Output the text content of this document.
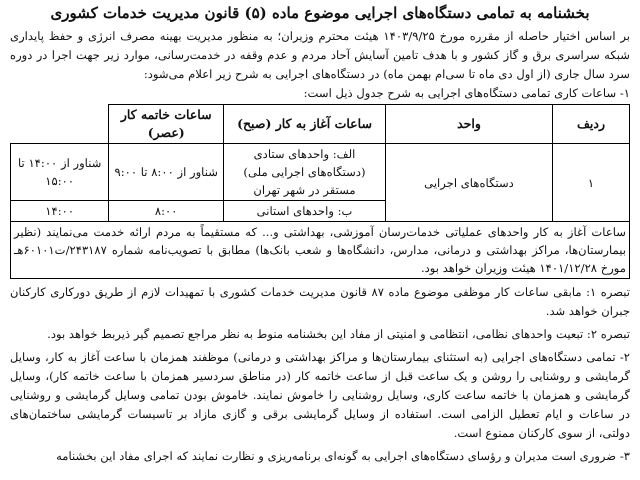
بخشنامه به تمامی دستگاه‌های اجرایی موضوع ماده (۵) قانون مدیریت خدمات کشوری

بر اساس اختیار حاصله از مقرره مورخ ۱۴۰۳/۹/۲۵ هیئت محترم وزیران؛ به منظور مدیریت بهینه مصرف انرژی و حفظ پایداری شبکه سراسری برق و گاز کشور و با هدف تامین آسایش آحاد مردم و عدم وقفه در خدمت‌رسانی، موارد زیر جهت اجرا در دوره سرد سال جاری (از اول دی ماه تا سی‌ام بهمن ماه) در دستگاه‌های اجرایی به شرح زیر اعلام می‌شود:

۱- ساعات کاری تمامی دستگاه‌های اجرایی به شرح جدول ذیل است:

ردیف	واحد	ساعات آغاز به کار (صبح)	ساعات خاتمه کار (عصر)	
۱	دستگاه‌های اجرایی	الف: واحدهای ستادی (دستگاه‌های اجرایی ملی) مستقر در شهر تهران	شناور از ۸:۰۰ تا ۹:۰۰	شناور از ۱۴:۰۰ تا ۱۵:۰۰
		ب: واحدهای استانی	۸:۰۰	۱۴:۰۰
ساعات آغاز به کار واحدهای عملیاتی خدمات‌رسان آموزشی، بهداشتی و... که مستقیماً به مردم ارائه خدمت می‌نمایند (نظیر بیمارستان‌ها، مراکز بهداشتی و درمانی، مدارس، دانشگاه‌ها و شعب بانک‌ها) مطابق با تصویب‌نامه شماره ۲۴۳۱۸۷/ت۶۰۱۰۱هـ مورخ ۱۴۰۱/۱۲/۲۸ هیئت وزیران خواهد بود.				

تبصره ۱: مابقی ساعات کار موظفی موضوع ماده ۸۷ قانون مدیریت خدمات کشوری با تمهیدات لازم از طریق دورکاری کارکنان جبران خواهد شد.

تبصره ۲: تبعیت واحدهای نظامی، انتظامی و امنیتی از مفاد این بخشنامه منوط به نظر مراجع تصمیم گیر ذیربط خواهد بود.

۲- تمامی دستگاه‌های اجرایی (به استثنای بیمارستان‌ها و مراکز بهداشتی و درمانی) موظفند همزمان با ساعت آغاز به کار، وسایل گرمایشی و روشنایی را روشن و یک ساعت قبل از ساعت خاتمه کار (در مناطق سردسیر همزمان با ساعت خاتمه کار)، وسایل گرمایشی و همزمان با خاتمه ساعت کاری، وسایل روشنایی را خاموش نمایند. خاموش بودن تمامی وسایل گرمایشی و روشنایی در ساعات و ایام تعطیل الزامی است. استفاده از وسایل گرمایشی برقی و گازی مازاد بر تاسیسات گرمایشی ساختمان‌های دولتی، از سوی کارکنان ممنوع است.

۳- ضروری است مدیران و رؤسای دستگاه‌های اجرایی به گونه‌ای برنامه‌ریزی و نظارت نمایند که اجرای مفاد این بخشنامه
